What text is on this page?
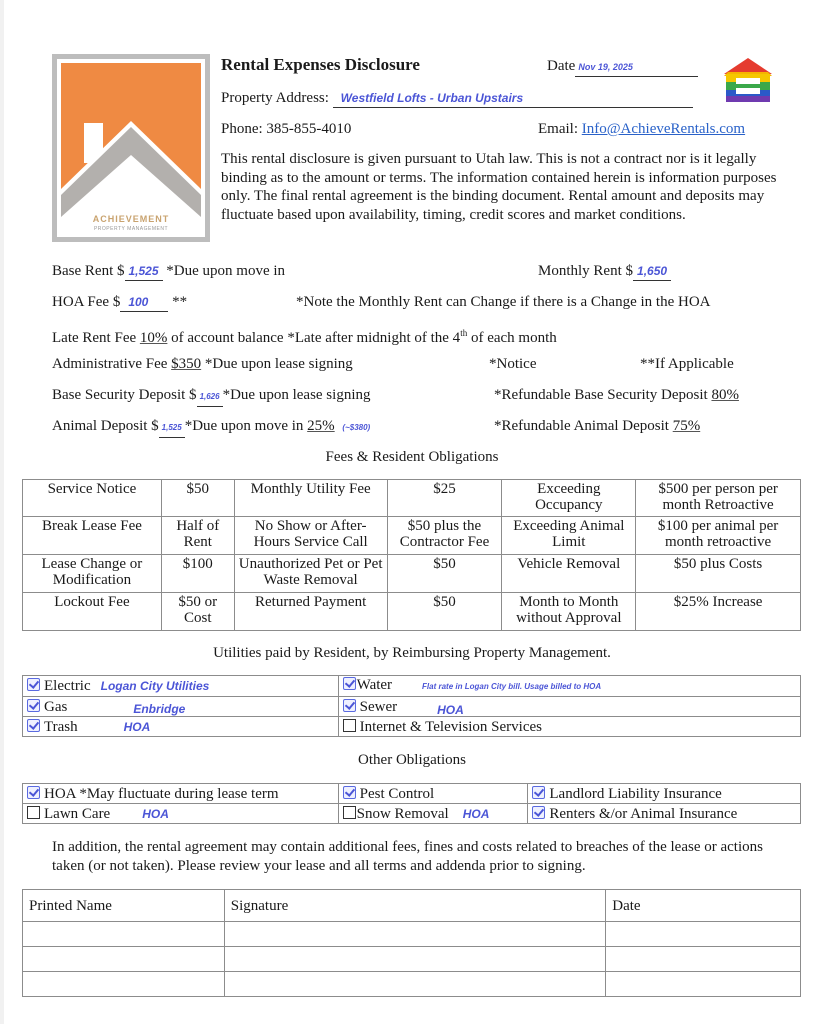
ACHIEVEMENT
PROPERTY MANAGEMENT
Rental Expenses Disclosure	Date Nov 19, 2025
Property Address: Westfield Lofts - Urban Upstairs
Phone: 385-855-4010	Email: Info@AchieveRentals.com
This rental disclosure is given pursuant to Utah law. This is not a contract nor is it legally binding as to the amount or terms. The information contained herein is information purposes only. The final rental agreement is the binding document. Rental amount and deposits may fluctuate based upon availability, timing, credit scores and market conditions.
Base Rent $ 1,525 *Due upon move in	Monthly Rent $ 1,650
HOA Fee $ 100 **	*Note the Monthly Rent can Change if there is a Change in the HOA
Late Rent Fee 10% of account balance *Late after midnight of the 4th of each month
Administrative Fee $350 *Due upon lease signing	*Notice	**If Applicable
Base Security Deposit $ 1,626 *Due upon lease signing	*Refundable Base Security Deposit 80%
Animal Deposit $ 1,525 *Due upon move in 25% (~$380)	*Refundable Animal Deposit 75%
Fees & Resident Obligations
Service Notice	$50	Monthly Utility Fee	$25	Exceeding Occupancy	$500 per person per month Retroactive
Break Lease Fee	Half of Rent	No Show or After-Hours Service Call	$50 plus the Contractor Fee	Exceeding Animal Limit	$100 per animal per month retroactive
Lease Change or Modification	$100	Unauthorized Pet or Pet Waste Removal	$50	Vehicle Removal	$50 plus Costs
Lockout Fee	$50 or Cost	Returned Payment	$50	Month to Month without Approval	$25% Increase
Utilities paid by Resident, by Reimbursing Property Management.
Electric Logan City Utilities	Water Flat rate in Logan City bill. Usage billed to HOA
Gas Enbridge	Sewer $_{HOA}$
Trash HOA	Internet & Television Services
Other Obligations
HOA *May fluctuate during lease term	Pest Control	Landlord Liability Insurance
Lawn Care HOA	Snow Removal HOA	Renters &/or Animal Insurance
In addition, the rental agreement may contain additional fees, fines and costs related to breaches of the lease or actions taken (or not taken). Please review your lease and all terms and addenda prior to signing.
Printed Name	Signature	Date
